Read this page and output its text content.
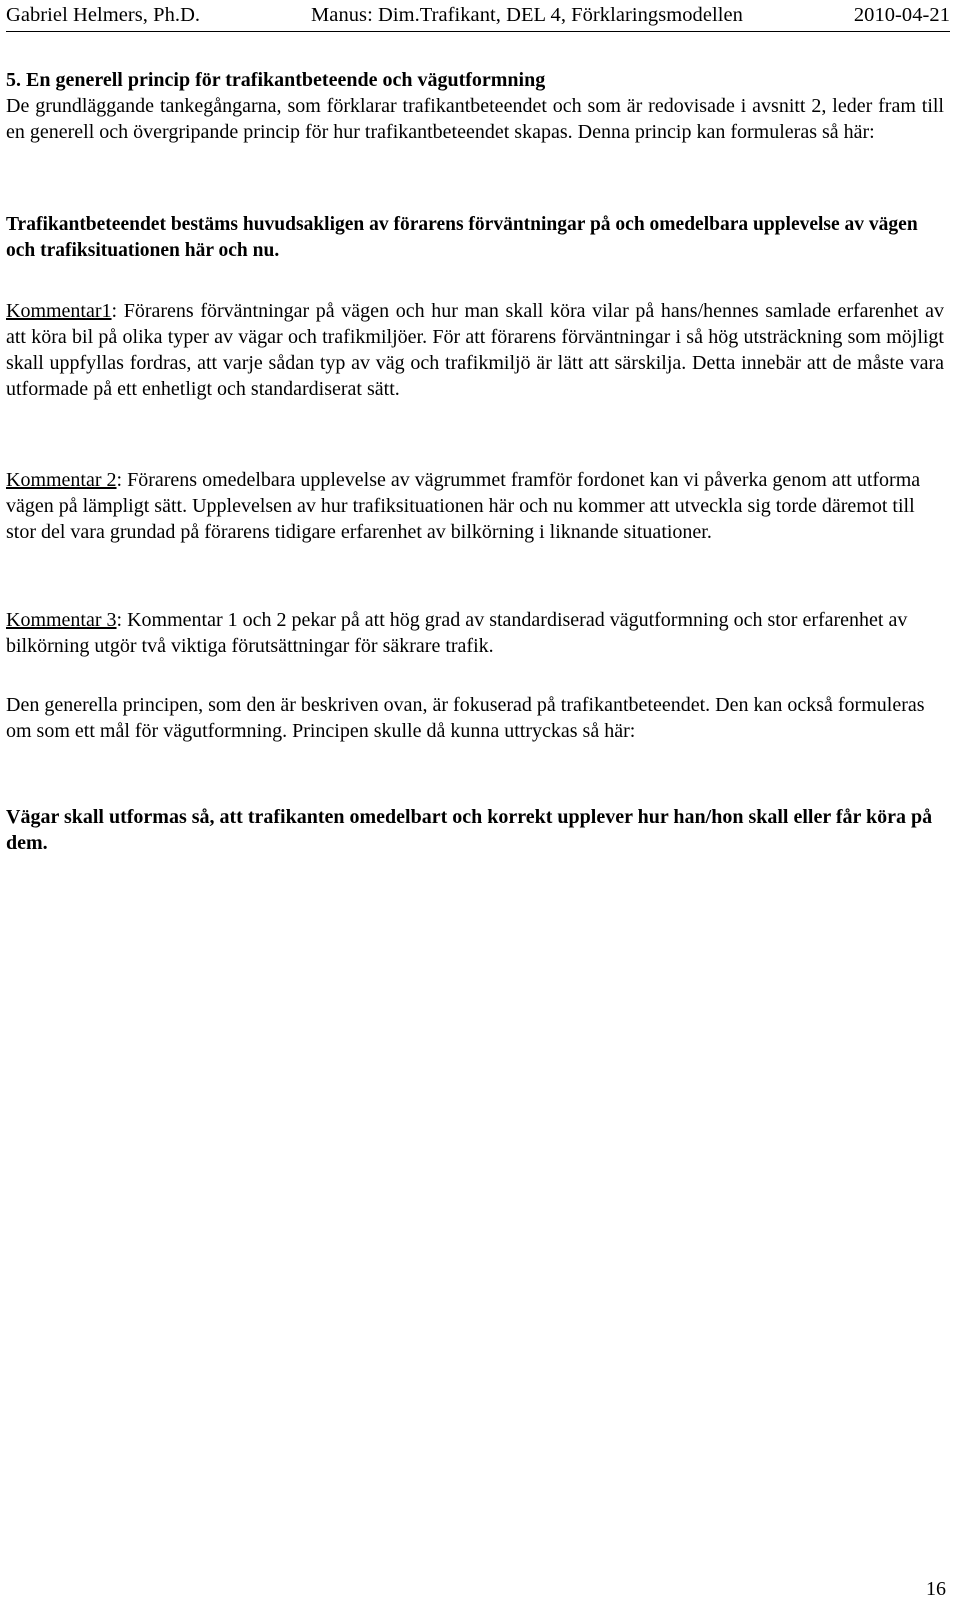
Gabriel Helmers, Ph.D.	Manus: Dim.Trafikant, DEL 4, Förklaringsmodellen	2010-04-21
5. En generell princip för trafikantbeteende och vägutformning

De grundläggande tankegångarna, som förklarar trafikantbeteendet och som är redovisade i avsnitt 2, leder fram till en generell och övergripande princip för hur trafikantbeteendet skapas. Denna princip kan formuleras så här:

Trafikantbeteendet bestäms huvudsakligen av förarens förväntningar på och omedelbara upplevelse av vägen och trafiksituationen här och nu.

Kommentar1: Förarens förväntningar på vägen och hur man skall köra vilar på hans/hennes samlade erfarenhet av att köra bil på olika typer av vägar och trafikmiljöer. För att förarens förväntningar i så hög utsträckning som möjligt skall uppfyllas fordras, att varje sådan typ av väg och trafikmiljö är lätt att särskilja. Detta innebär att de måste vara utformade på ett enhetligt och standardiserat sätt.

Kommentar 2: Förarens omedelbara upplevelse av vägrummet framför fordonet kan vi påverka genom att utforma vägen på lämpligt sätt. Upplevelsen av hur trafiksituationen här och nu kommer att utveckla sig torde däremot till stor del vara grundad på förarens tidigare erfarenhet av bilkörning i liknande situationer.

Kommentar 3: Kommentar 1 och 2 pekar på att hög grad av standardiserad vägutformning och stor erfarenhet av bilkörning utgör två viktiga förutsättningar för säkrare trafik.

Den generella principen, som den är beskriven ovan, är fokuserad på trafikantbeteendet. Den kan också formuleras om som ett mål för vägutformning. Principen skulle då kunna uttryckas så här:

Vägar skall utformas så, att trafikanten omedelbart och korrekt upplever hur han/hon skall eller får köra på dem.

16
